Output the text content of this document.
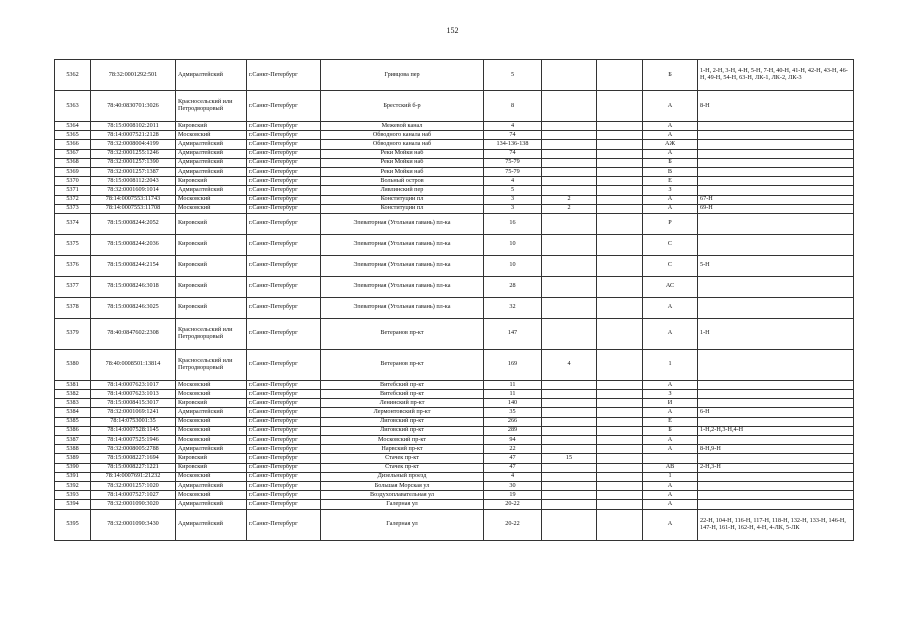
152
5362	78:32:0001292:501	Адмиралтейский	г.Санкт-Петербург	Гривцова пер	5			Б	1-Н, 2-Н, 3-Н, 4-Н, 5-Н, 7-Н, 40-Н, 41-Н, 42-Н, 43-Н, 46-Н, 49-Н, 54-Н, 63-Н, ЛК-1, ЛК-2, ЛК-3
5363	78:40:0830701:3026	Красносельский или Петродворцовый	г.Санкт-Петербург	Брестский б-р	8			А	8-Н
5364	78:15:0008102:2011	Кировский	г.Санкт-Петербург	Межевой канал	4			А	
5365	78:14:0007521:2128	Московский	г.Санкт-Петербург	Обводного канала наб	74			А	
5366	78:32:0008004:4199	Адмиралтейский	г.Санкт-Петербург	Обводного канала наб	134-136-138			АЖ	
5367	78:32:0001255:1246	Адмиралтейский	г.Санкт-Петербург	Реки Мойки наб	74			А	
5368	78:32:0001257:1390	Адмиралтейский	г.Санкт-Петербург	Реки Мойки наб	75-79			Б	
5369	78:32:0001257:1387	Адмиралтейский	г.Санкт-Петербург	Реки Мойки наб	75-79			В	
5370	78:15:0008112:2043	Кировский	г.Санкт-Петербург	Вольный остров	4			Е	
5371	78:32:0001609:1014	Адмиралтейский	г.Санкт-Петербург	Лявлинский пер	5			З	
5372	78:14:0007553:11743	Московский	г.Санкт-Петербург	Конституции пл	3	2		А	67-Н
5373	78:14:0007553:11708	Московский	г.Санкт-Петербург	Конституции пл	3	2		А	69-Н
5374	78:15:0008244:2052	Кировский	г.Санкт-Петербург	Элеваторная (Угольная гавань) пл-ка	16			Р	
5375	78:15:0008244:2036	Кировский	г.Санкт-Петербург	Элеваторная (Угольная гавань) пл-ка	10			С	
5376	78:15:0008244:2154	Кировский	г.Санкт-Петербург	Элеваторная (Угольная гавань) пл-ка	10			С	5-Н
5377	78:15:0008246:3018	Кировский	г.Санкт-Петербург	Элеваторная (Угольная гавань) пл-ка	28			АС	
5378	78:15:0008246:3025	Кировский	г.Санкт-Петербург	Элеваторная (Угольная гавань) пл-ка	32			А	
5379	78:40:0847602:2308	Красносельский или Петродворцовый	г.Санкт-Петербург	Ветеранов пр-кт	147			А	1-Н
5380	78:40:0008501:13814	Красносельский или Петродворцовый	г.Санкт-Петербург	Ветеранов пр-кт	169	4		1	
5381	78:14:0007623:1017	Московский	г.Санкт-Петербург	Витебский пр-кт	11			А	
5382	78:14:0007623:1013	Московский	г.Санкт-Петербург	Витебский пр-кт	11			З	
5383	78:15:0008415:3017	Кировский	г.Санкт-Петербург	Ленинский пр-кт	140			И	
5384	78:32:0001069:1241	Адмиралтейский	г.Санкт-Петербург	Лермонтовский пр-кт	35			А	6-Н
5385	78:14:0753001:35	Московский	г.Санкт-Петербург	Лиговский пр-кт	266			Е	
5386	78:14:0007528:1145	Московский	г.Санкт-Петербург	Лиговский пр-кт	289			Б	1-Н,2-Н,3-Н,4-Н
5387	78:14:0007525:1946	Московский	г.Санкт-Петербург	Московский пр-кт	94			А	
5388	78:32:0008005:2788	Адмиралтейский	г.Санкт-Петербург	Нарвский пр-кт	22			А	8-Н,9-Н
5389	78:15:0008227:1694	Кировский	г.Санкт-Петербург	Стачек пр-кт	47	15			
5390	78:15:0008227:1221	Кировский	г.Санкт-Петербург	Стачек пр-кт	47			АВ	2-Н,3-Н
5391	78:14:0007691:21232	Московский	г.Санкт-Петербург	Дизельный проезд	4			1	
5392	78:32:0001257:1020	Адмиралтейский	г.Санкт-Петербург	Большая Морская ул	30			А	
5393	78:14:0007527:1027	Московский	г.Санкт-Петербург	Воздухоплавательная ул	19			А	
5394	78:32:0001090:3020	Адмиралтейский	г.Санкт-Петербург	Галерная ул	20-22			А	
5395	78:32:0001090:3430	Адмиралтейский	г.Санкт-Петербург	Галерная ул	20-22			А	22-Н, 104-Н, 116-Н, 117-Н, 118-Н, 132-Н, 133-Н, 146-Н, 147-Н, 161-Н, 162-Н, 4-Н, 4-ЛК, 5-ЛК
